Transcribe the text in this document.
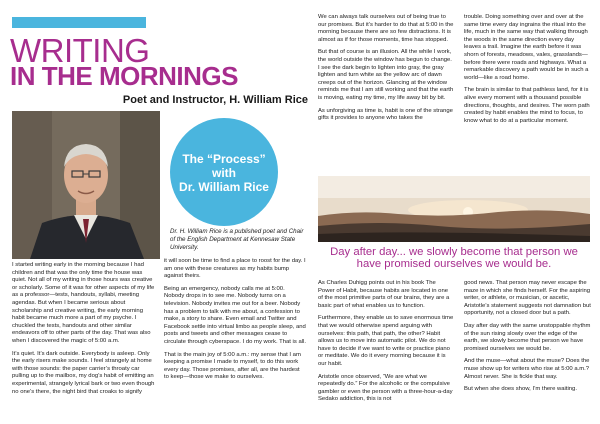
WRITING
IN THE MORNINGS
Poet and Instructor, H. William Rice
The “Process”
with
Dr. William Rice
Dr. H. William Rice is a published poet and Chair of the English Department at Kennesaw State University.

I started writing early in the morning because I had children and that was the only time the house was quiet. Not all of my writing in those hours was creative or scholarly. Some of it was for other aspects of my life as a professor—tests, handouts, syllabi, meeting agendas. But when I became serious about scholarship and creative writing, the early morning habit became much more a part of my psyche. I chuckled the tests, handouts and other similar endeavors off to other parts of the day. That was also when I discovered the magic of 5:00 a.m.

It’s quiet. It’s dark outside. Everybody is asleep. Only the early risers make sounds. I feel strangely at home with those sounds: the paper carrier’s throaty car pulling up to the mailbox, my dog’s habit of emitting an experimental, strangely lyrical bark or two even though no one’s there, the night bird that croaks to signify

it will soon be time to find a place to roost for the day. I am one with these creatures as my habits bump against theirs.

Being an emergency, nobody calls me at 5:00. Nobody drops in to see me. Nobody turns on a television. Nobody invites me out for a beer. Nobody has a problem to talk with me about, a confession to make, a story to share. Even email and Twitter and Facebook settle into virtual limbo as people sleep, and posts and tweets and other messages cease to circulate through cyberspace. I do my work. That is all.

That is the main joy of 5:00 a.m.: my sense that I am keeping a promise I made to myself, to do this work every day. Those promises, after all, are the hardest to keep—those we make to ourselves.

We can always talk ourselves out of being true to our promises. But it’s harder to do that at 5:00 in the morning because there are so few distractions. It is almost as if for those moments, time has stopped.

But that of course is an illusion. All the while I work, the world outside the window has begun to change. I see the dark begin to lighten into gray, the gray lighten and turn white as the yellow arc of dawn creeps out of the horizon. Glancing at the window reminds me that I am still working and that the earth is moving, eating my time, my life away bit by bit.

As unforgiving as time is, habit is one of the strange gifts it provides to anyone who takes the

trouble. Doing something over and over at the same time every day ingrains the ritual into the life, much in the same way that walking through the woods in the same direction every day leaves a trail. Imagine the earth before it was shorn of forests, meadows, vales, grasslands—before there were roads and highways. What a remarkable discovery a path would be in such a world—like a road home.

The brain is similar to that pathless land, for it is alive every moment with a thousand possible directions, thoughts, and desires. The worn path created by habit enables the mind to focus, to know what to do at a particular moment.

Day after day... we slowly become that person we have promised ourselves we would be.

As Charles Duhigg points out in his book The Power of Habit, because habits are located in one of the most primitive parts of our brains, they are a basic part of what enables us to function.

Furthermore, they enable us to save enormous time that we would otherwise spend arguing with ourselves: this path, that path, the other? Habit allows us to move into automatic pilot. We do not have to decide if we want to write or practice piano or meditate. We do it every morning because it is our habit.

Aristotle once observed, “We are what we repeatedly do.” For the alcoholic or the compulsive gambler or even the person with a three-hour-a-day Sedako addiction, this is not

good news. That person may never escape the maze in which she finds herself. For the aspiring writer, or athlete, or musician, or ascetic, Aristotle’s statement suggests not damnation but opportunity, not a closed door but a path.

Day after day with the same unstoppable rhythm of the sun rising slowly over the edge of the earth, we slowly become that person we have promised ourselves we would be.

And the muse—what about the muse? Does the muse show up for writers who rise at 5:00 a.m.? Almost never. She is fickle that way.

But when she does show, I’m there waiting.
